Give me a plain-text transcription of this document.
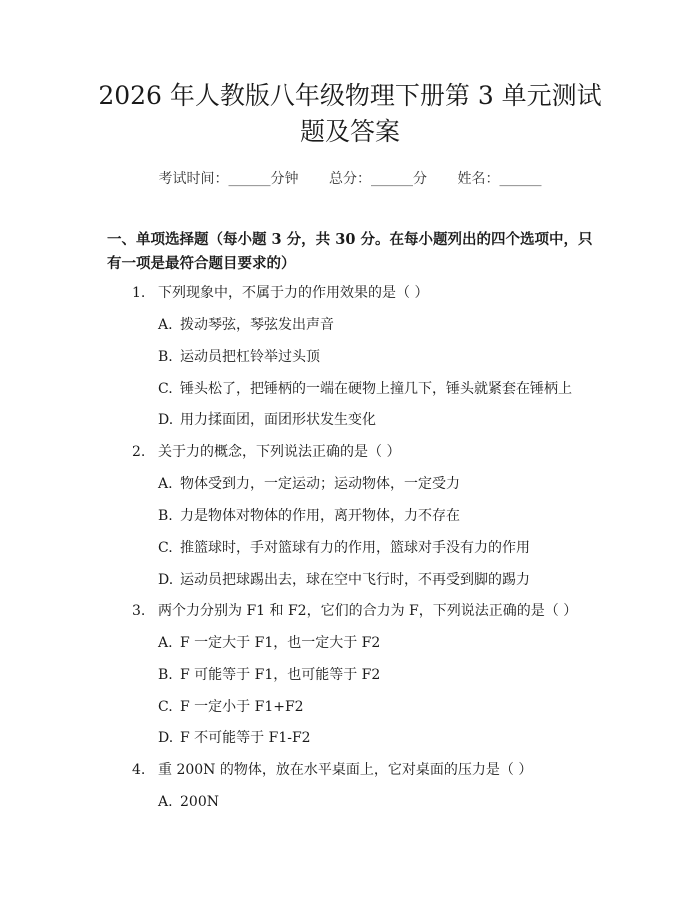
2026 年人教版八年级物理下册第 3 单元测试
题及答案
考试时间：______分钟 总分：______分 姓名：______

一、单项选择题（每小题 3 分，共 30 分。在每小题列出的四个选项中，只有一项是最符合题目要求的）

1. 下列现象中，不属于力的作用效果的是（ ）
A. 拨动琴弦，琴弦发出声音
B. 运动员把杠铃举过头顶
C. 锤头松了，把锤柄的一端在硬物上撞几下，锤头就紧套在锤柄上
D. 用力揉面团，面团形状发生变化
2. 关于力的概念，下列说法正确的是（ ）
A. 物体受到力，一定运动；运动物体，一定受力
B. 力是物体对物体的作用，离开物体，力不存在
C. 推篮球时，手对篮球有力的作用，篮球对手没有力的作用
D. 运动员把球踢出去，球在空中飞行时，不再受到脚的踢力
3. 两个力分别为 F1 和 F2，它们的合力为 F，下列说法正确的是（ ）
A. F 一定大于 F1，也一定大于 F2
B. F 可能等于 F1，也可能等于 F2
C. F 一定小于 F1+F2
D. F 不可能等于 F1-F2
4. 重 200N 的物体，放在水平桌面上，它对桌面的压力是（ ）
A. 200N
